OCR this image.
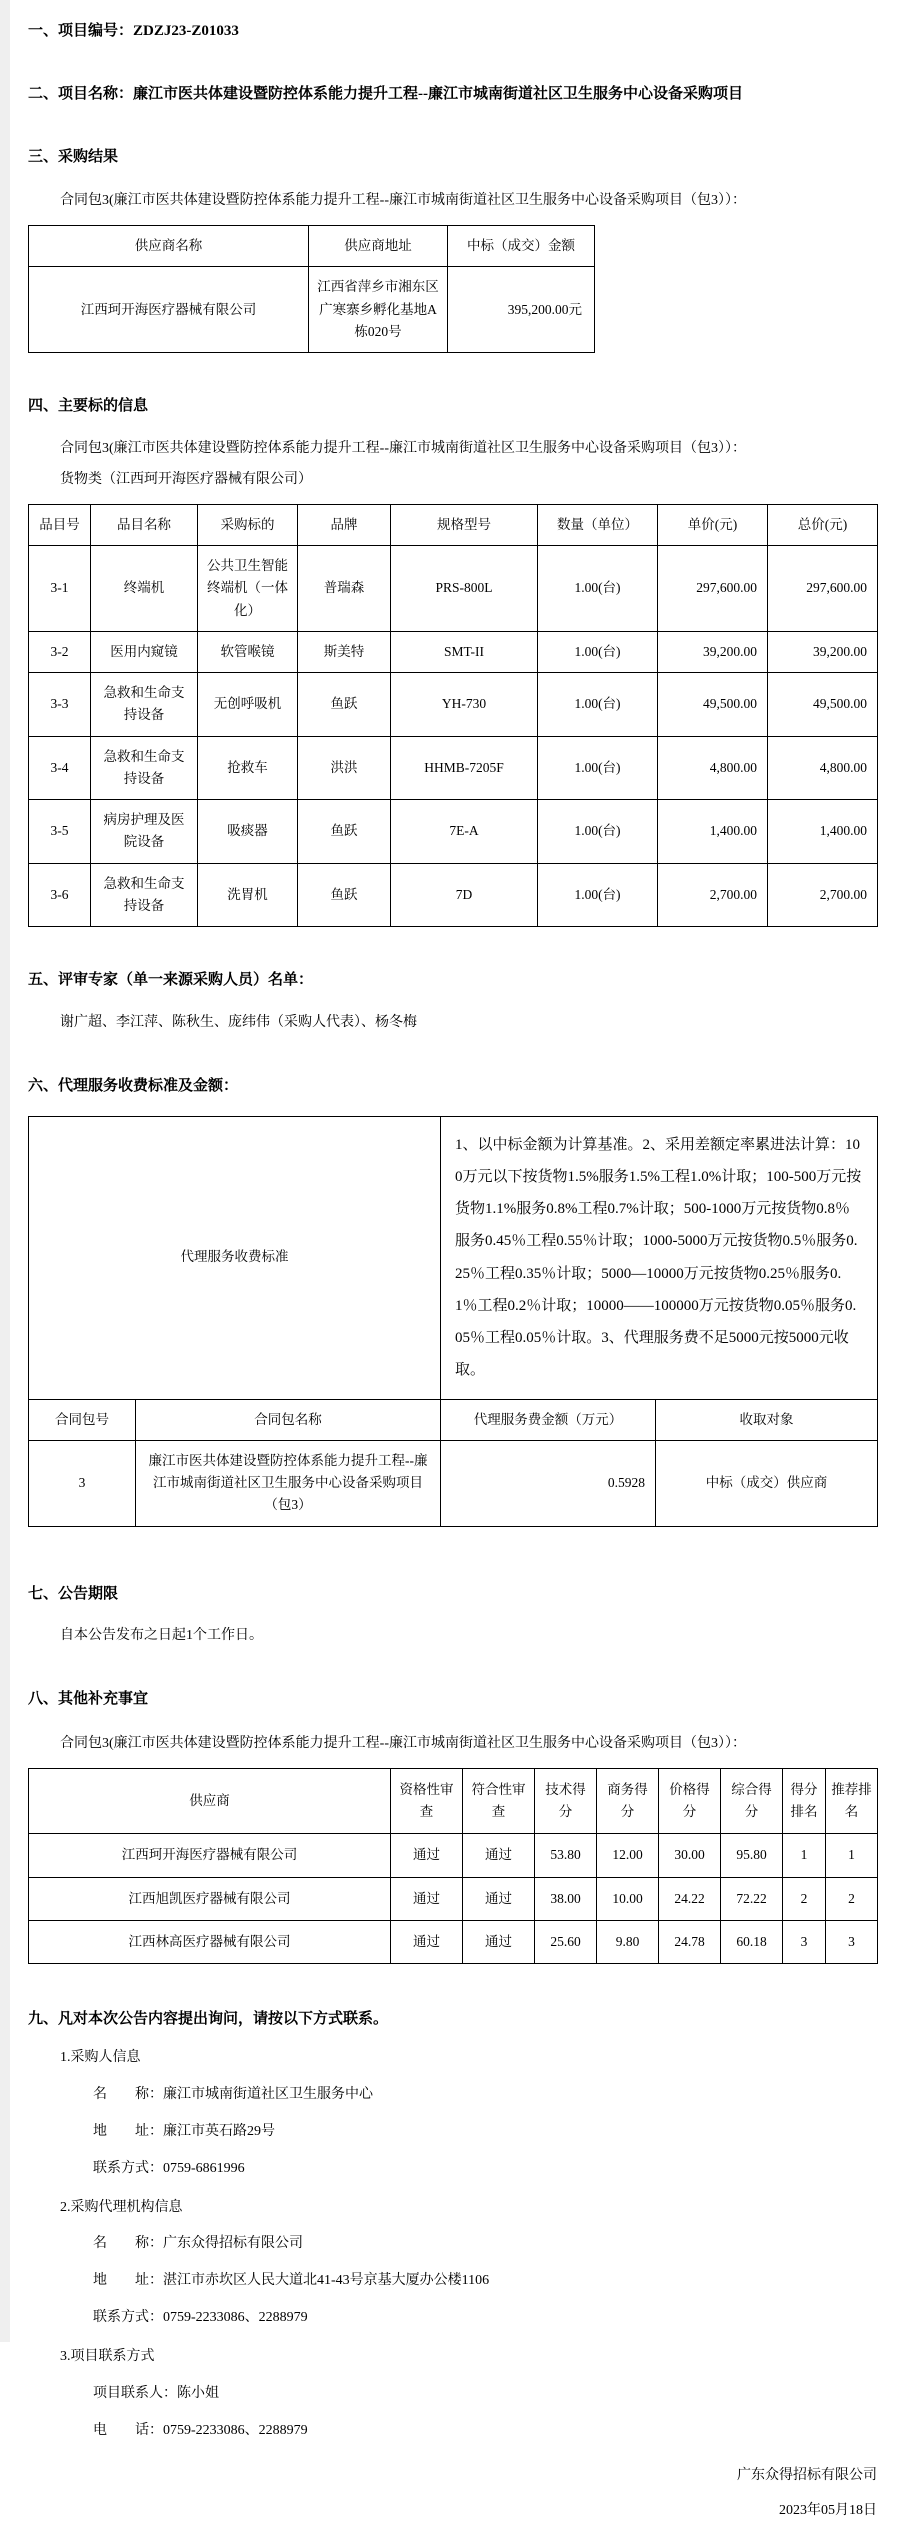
一、项目编号：ZDZJ23-Z01033
二、项目名称：廉江市医共体建设暨防控体系能力提升工程--廉江市城南街道社区卫生服务中心设备采购项目
三、采购结果

合同包3(廉江市医共体建设暨防控体系能力提升工程--廉江市城南街道社区卫生服务中心设备采购项目（包3））：

供应商名称	供应商地址	中标（成交）金额
江西珂开海医疗器械有限公司	江西省萍乡市湘东区广寒寨乡孵化基地A栋020号	395,200.00元
四、主要标的信息

合同包3(廉江市医共体建设暨防控体系能力提升工程--廉江市城南街道社区卫生服务中心设备采购项目（包3））：

货物类（江西珂开海医疗器械有限公司）

品目号	品目名称	采购标的	品牌	规格型号	数量（单位）	单价(元)	总价(元)
3-1	终端机	公共卫生智能终端机（一体化）	普瑞森	PRS-800L	1.00(台)	297,600.00	297,600.00
3-2	医用内窥镜	软管喉镜	斯美特	SMT-II	1.00(台)	39,200.00	39,200.00
3-3	急救和生命支持设备	无创呼吸机	鱼跃	YH-730	1.00(台)	49,500.00	49,500.00
3-4	急救和生命支持设备	抢救车	洪洪	HHMB-7205F	1.00(台)	4,800.00	4,800.00
3-5	病房护理及医院设备	吸痰器	鱼跃	7E-A	1.00(台)	1,400.00	1,400.00
3-6	急救和生命支持设备	洗胃机	鱼跃	7D	1.00(台)	2,700.00	2,700.00
五、评审专家（单一来源采购人员）名单：

谢广超、李江萍、陈秋生、庞纬伟（采购人代表）、杨冬梅

六、代理服务收费标准及金额：
代理服务收费标准		1、以中标金额为计算基准。2、采用差额定率累进法计算：100万元以下按货物1.5%服务1.5%工程1.0%计取；100-500万元按货物1.1%服务0.8%工程0.7%计取；500-1000万元按货物0.8％服务0.45％工程0.55％计取；1000-5000万元按货物0.5％服务0.25％工程0.35％计取；5000—10000万元按货物0.25％服务0.1％工程0.2％计取；10000——100000万元按货物0.05％服务0.05％工程0.05％计取。3、代理服务费不足5000元按5000元收取。	
合同包号	合同包名称	代理服务费金额（万元）	收取对象
3	廉江市医共体建设暨防控体系能力提升工程--廉江市城南街道社区卫生服务中心设备采购项目（包3）	0.5928	中标（成交）供应商
七、公告期限

自本公告发布之日起1个工作日。

八、其他补充事宜

合同包3(廉江市医共体建设暨防控体系能力提升工程--廉江市城南街道社区卫生服务中心设备采购项目（包3））：

供应商	资格性审查	符合性审查	技术得分	商务得分	价格得分	综合得分	得分排名	推荐排名
江西珂开海医疗器械有限公司	通过	通过	53.80	12.00	30.00	95.80	1	1
江西旭凯医疗器械有限公司	通过	通过	38.00	10.00	24.22	72.22	2	2
江西林高医疗器械有限公司	通过	通过	25.60	9.80	24.78	60.18	3	3
九、凡对本次公告内容提出询问，请按以下方式联系。

1.采购人信息

名　　称：廉江市城南街道社区卫生服务中心

地　　址：廉江市英石路29号

联系方式：0759-6861996

2.采购代理机构信息

名　　称：广东众得招标有限公司

地　　址：湛江市赤坎区人民大道北41-43号京基大厦办公楼1106

联系方式：0759-2233086、2288979

3.项目联系方式

项目联系人：陈小姐

电　　话：0759-2233086、2288979

广东众得招标有限公司

2023年05月18日
